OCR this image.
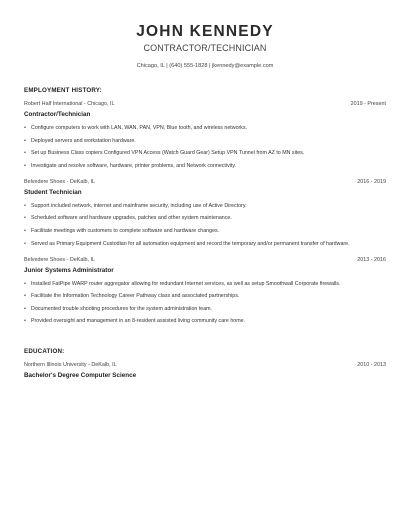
JOHN KENNEDY
CONTRACTOR/TECHNICIAN
Chicago, IL | (640) 555-1828 | jkennedy@example.com
EMPLOYMENT HISTORY:
Robert Half International - Chicago, IL	2019 - Present
Contractor/Technician
• Configure computers to work with LAN, WAN, PAN, VPN, Blue tooth, and wireless networks.
• Deployed servers and workstation hardware.
• Set up Business Class copiers Configured VPN Access (Watch Guard Gear) Setup VPN Tunnel from AZ to MN sites.
• Investigate and resolve software, hardware, printer problems, and Network connectivity.
Belvedere Shoes - DeKalb, IL	2016 - 2019
Student Technician
• Support included network, internet and mainframe security, including use of Active Directory.
• Scheduled software and hardware upgrades, patches and other system maintenance.
• Facilitate meetings with customers to complete software and hardware changes.
• Served as Primary Equipment Custodian for all automation equipment and record the temporary and/or permanent transfer of hardware.
Belvedere Shoes - DeKalb, IL	2013 - 2016
Junior Systems Administrator
• Installed FatPipe WARP router aggregator allowing for redundant Internet services, as well as setup Smoothwall Corporate firewalls.
• Facilitate the Information Technology Career Pathway class and associated partnerships.
• Documented trouble shooting procedures for the system administration team.
• Provided oversight and management in an 8-resident assisted living community care home.
EDUCATION:
Northern Illinois University - DeKalb, IL	2010 - 2013
Bachelor's Degree Computer Science
